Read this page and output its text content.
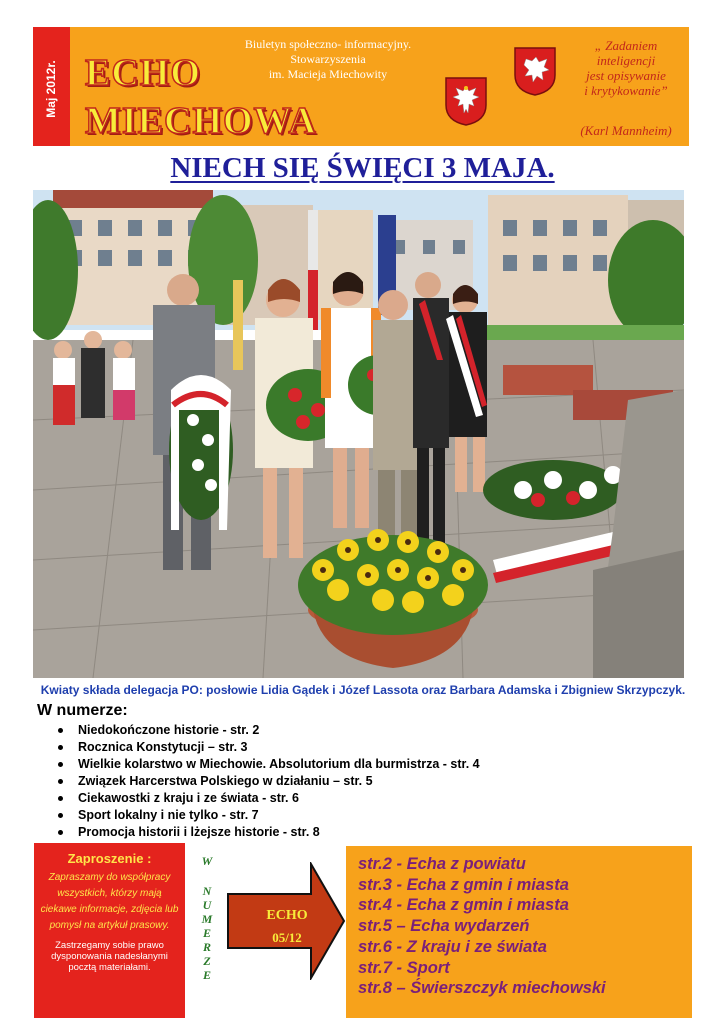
Maj 2012r. ECHO
MIECHOWA
Biuletyn społeczno- informacyjny.
Stowarzyszenia
im. Macieja Miechowity
„ Zadaniem
inteligencji
jest opisywanie
i krytykowanie”
(Karl Mannheim)
NIECH SIĘ ŚWIĘCI 3 MAJA.
Kwiaty składa delegacja PO: posłowie Lidia Gądek i Józef Lassota oraz Barbara Adamska i Zbigniew Skrzypczyk.
W numerze:
Niedokończone historie - str. 2
Rocznica Konstytucji – str. 3
Wielkie kolarstwo w Miechowie. Absolutorium dla burmistrza - str. 4
Związek Harcerstwa Polskiego w działaniu – str. 5
Ciekawostki z kraju i ze świata - str. 6
Sport lokalny i nie tylko - str. 7
Promocja historii i lżejsze historie - str. 8
Zaproszenie :
Zapraszamy do współpracy wszystkich, którzy mają ciekawe informacje, zdjęcia lub pomysł na artykuł prasowy.
Zastrzegamy sobie prawo dysponowania nadesłanymi pocztą materiałami.
W
N
U
M
E
R
Z
E
ECHO
05/12
str.2 - Echa z powiatu
str.3 - Echa z gmin i miasta
str.4 - Echa z gmin i miasta
str.5 – Echa wydarzeń
str.6 - Z kraju i ze świata
str.7 - Sport
str.8 – Świerszczyk miechowski
